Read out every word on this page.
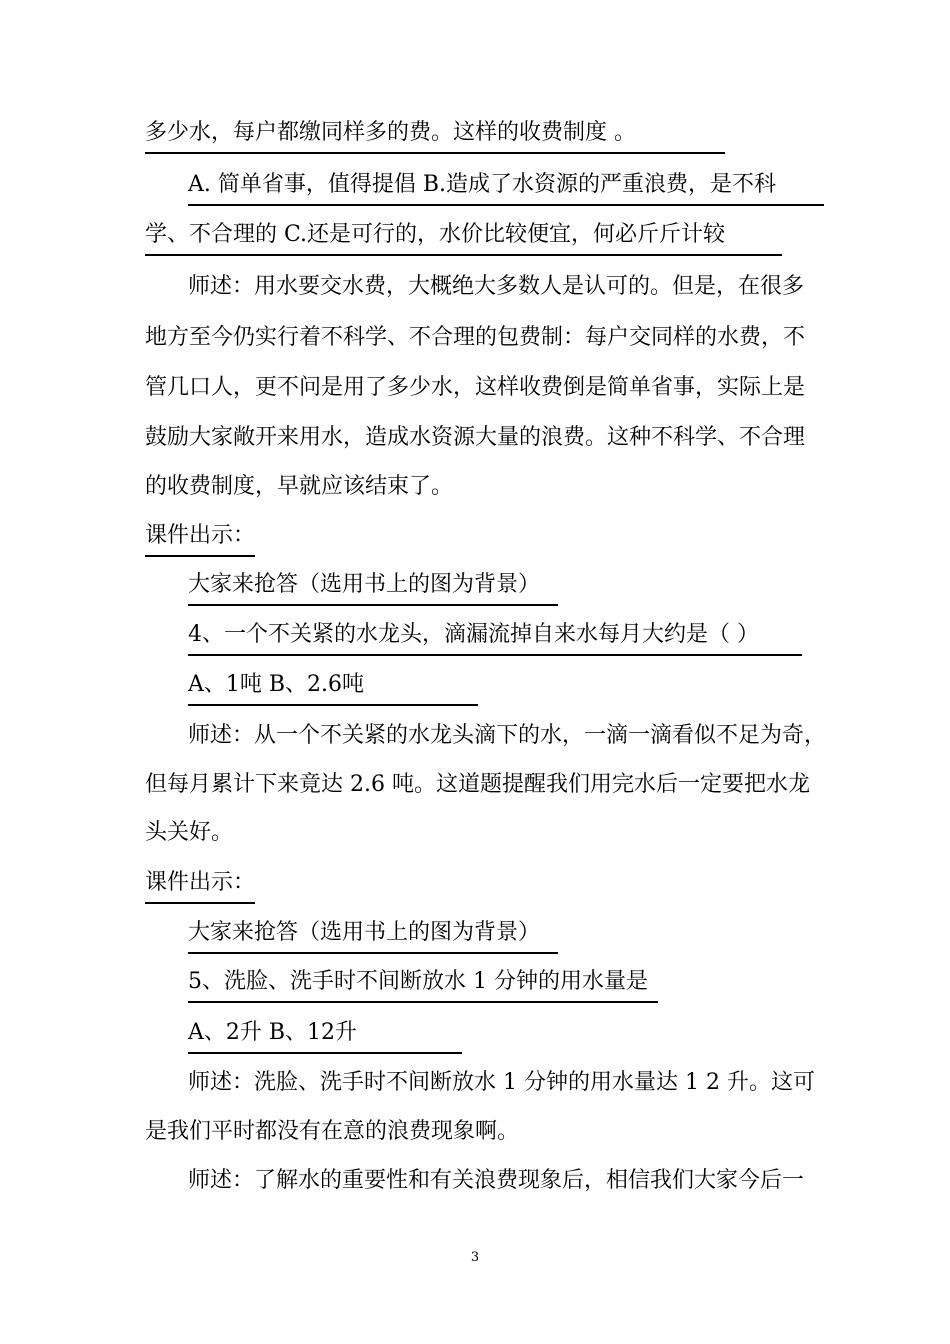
多少水，每户都缴同样多的费。这样的收费制度 。
A. 简单省事，值得提倡 B.造成了水资源的严重浪费，是不科
学、不合理的 C.还是可行的，水价比较便宜，何必斤斤计较
师述：用水要交水费，大概绝大多数人是认可的。但是，在很多
地方至今仍实行着不科学、不合理的包费制：每户交同样的水费，不
管几口人，更不问是用了多少水，这样收费倒是简单省事，实际上是
鼓励大家敞开来用水，造成水资源大量的浪费。这种不科学、不合理
的收费制度，早就应该结束了。
课件出示：
大家来抢答（选用书上的图为背景）
4、一个不关紧的水龙头，滴漏流掉自来水每月大约是（ ）
A、1吨 B、2.6吨
师述：从一个不关紧的水龙头滴下的水，一滴一滴看似不足为奇，
但每月累计下来竟达 2.6 吨。这道题提醒我们用完水后一定要把水龙
头关好。
课件出示：
大家来抢答（选用书上的图为背景）
5、洗脸、洗手时不间断放水 1 分钟的用水量是
A、2升 B、12升
师述：洗脸、洗手时不间断放水 1 分钟的用水量达 1 2 升。这可
是我们平时都没有在意的浪费现象啊。
师述：了解水的重要性和有关浪费现象后，相信我们大家今后一
3
